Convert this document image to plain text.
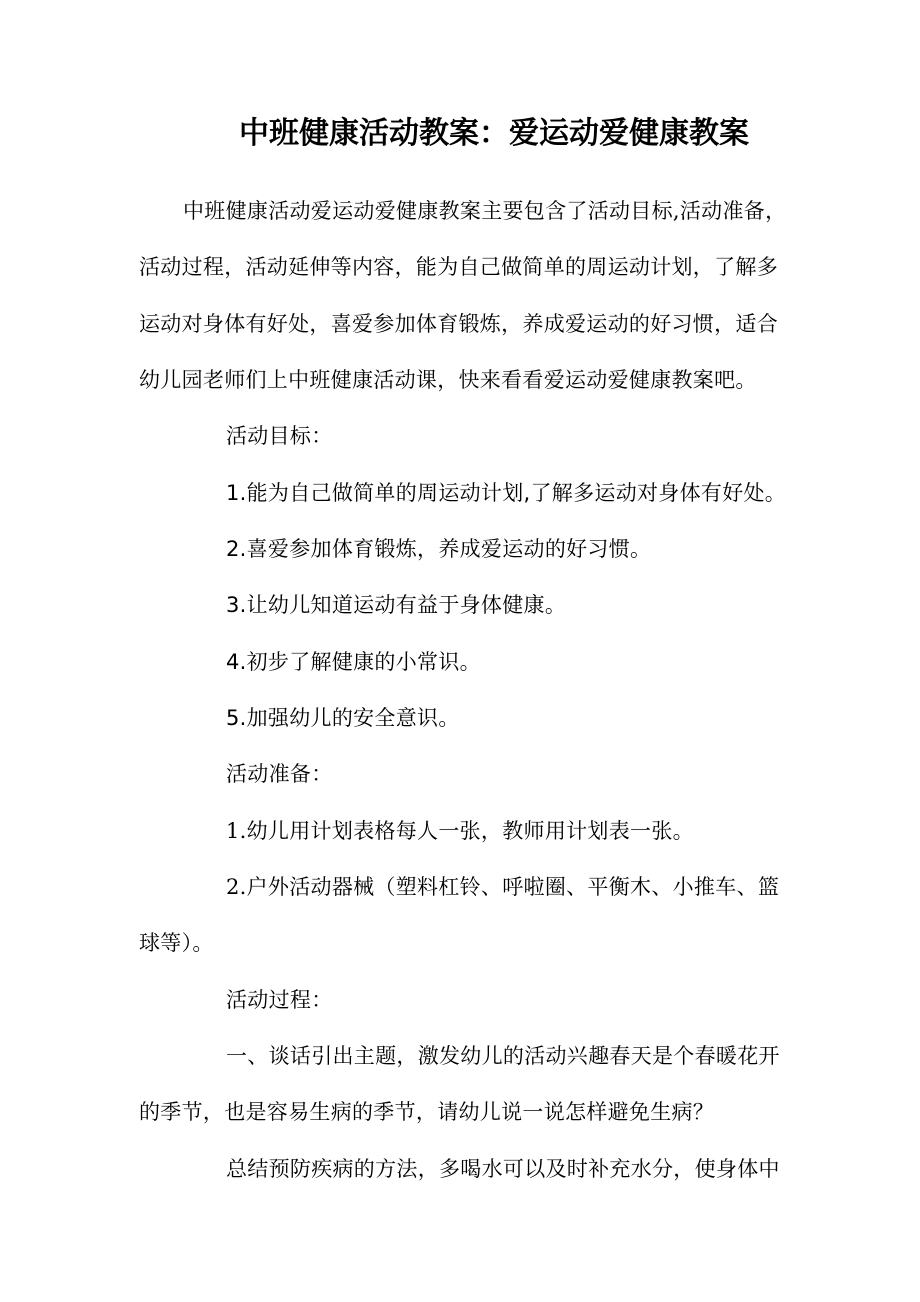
中班健康活动教案：爱运动爱健康教案
中班健康活动爱运动爱健康教案主要包含了活动目标,活动准备，
活动过程，活动延伸等内容，能为自己做简单的周运动计划，了解多
运动对身体有好处，喜爱参加体育锻炼，养成爱运动的好习惯，适合
幼儿园老师们上中班健康活动课，快来看看爱运动爱健康教案吧。
活动目标：
1.能为自己做简单的周运动计划,了解多运动对身体有好处。
2.喜爱参加体育锻炼，养成爱运动的好习惯。
3.让幼儿知道运动有益于身体健康。
4.初步了解健康的小常识。
5.加强幼儿的安全意识。
活动准备：
1.幼儿用计划表格每人一张，教师用计划表一张。
2.户外活动器械（塑料杠铃、呼啦圈、平衡木、小推车、篮
球等）。
活动过程：
一、谈话引出主题，激发幼儿的活动兴趣春天是个春暖花开
的季节，也是容易生病的季节，请幼儿说一说怎样避免生病？
总结预防疾病的方法，多喝水可以及时补充水分，使身体中
